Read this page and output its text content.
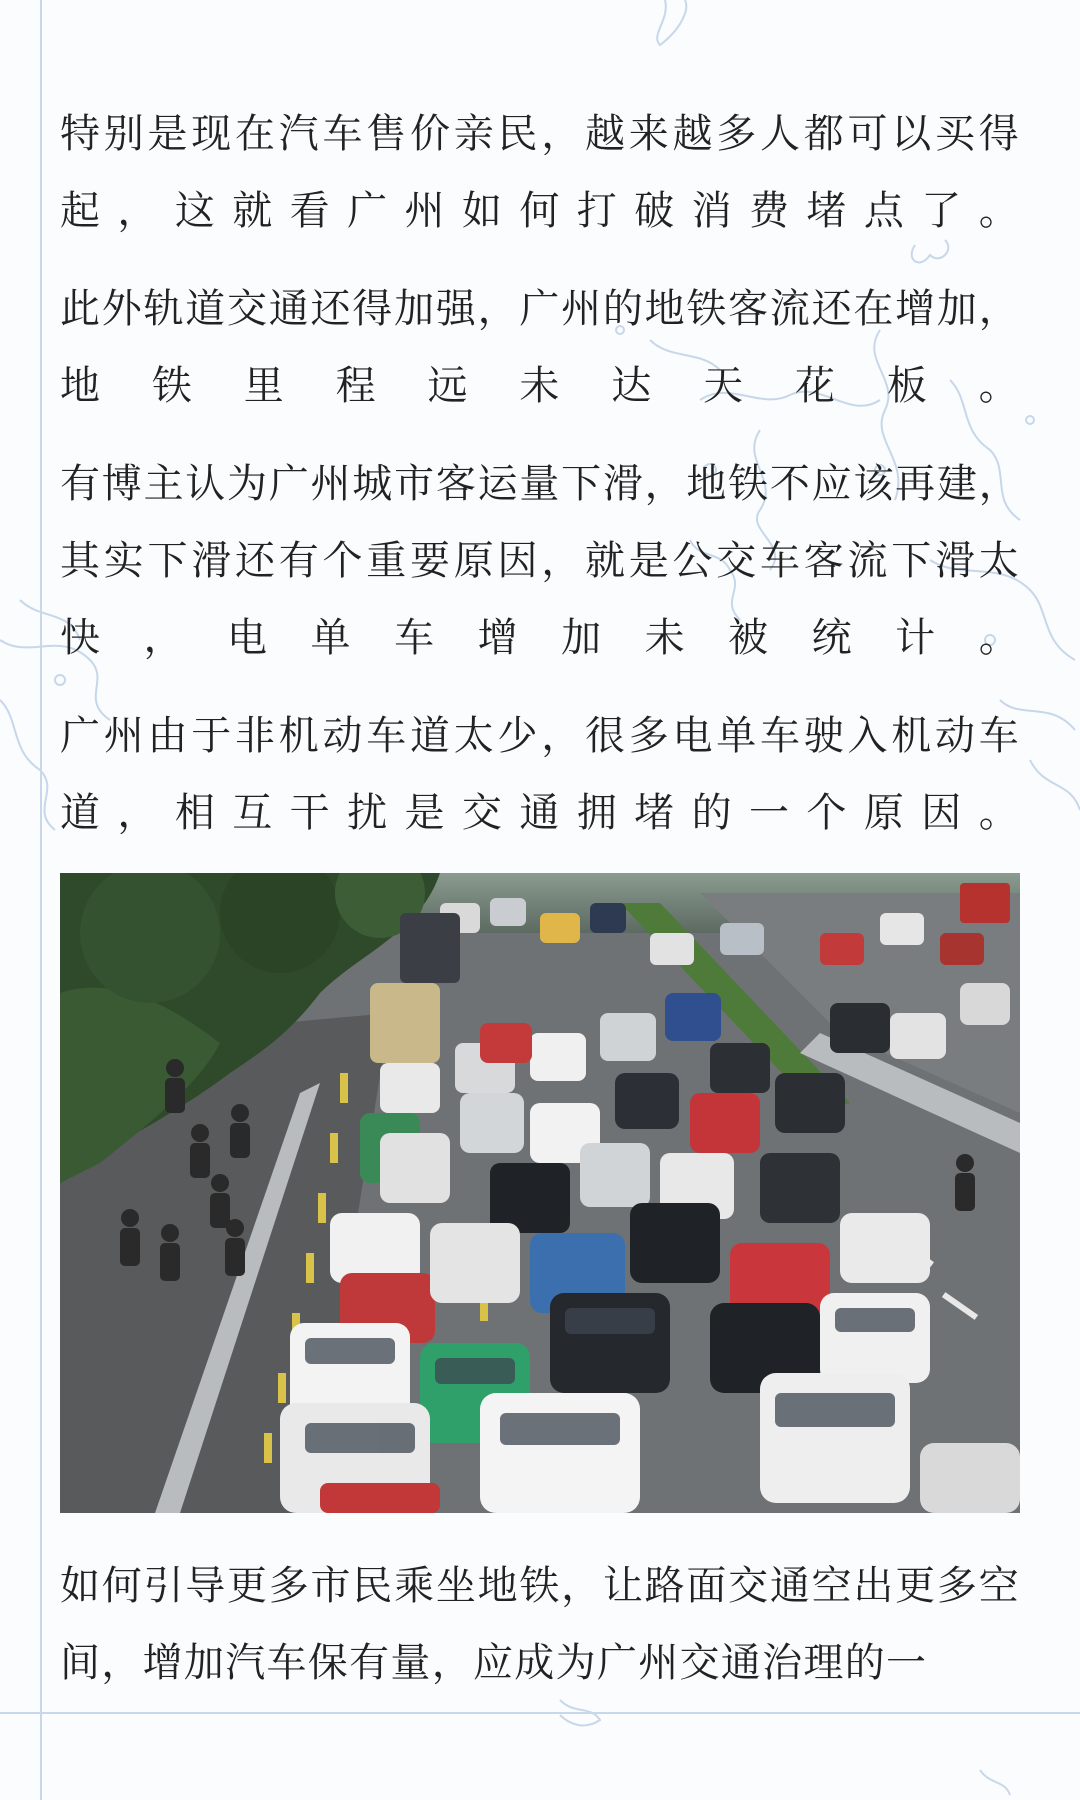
特别是现在汽车售价亲民，越来越多人都可以买得起，这就看广州如何打破消费堵点了。

此外轨道交通还得加强，广州的地铁客流还在增加，地铁里程远未达天花板。

有博主认为广州城市客运量下滑，地铁不应该再建，其实下滑还有个重要原因，就是公交车客流下滑太快，电单车增加未被统计。

广州由于非机动车道太少，很多电单车驶入机动车道，相互干扰是交通拥堵的一个原因。

如何引导更多市民乘坐地铁，让路面交通空出更多空间，增加汽车保有量，应成为广州交通治理的一
